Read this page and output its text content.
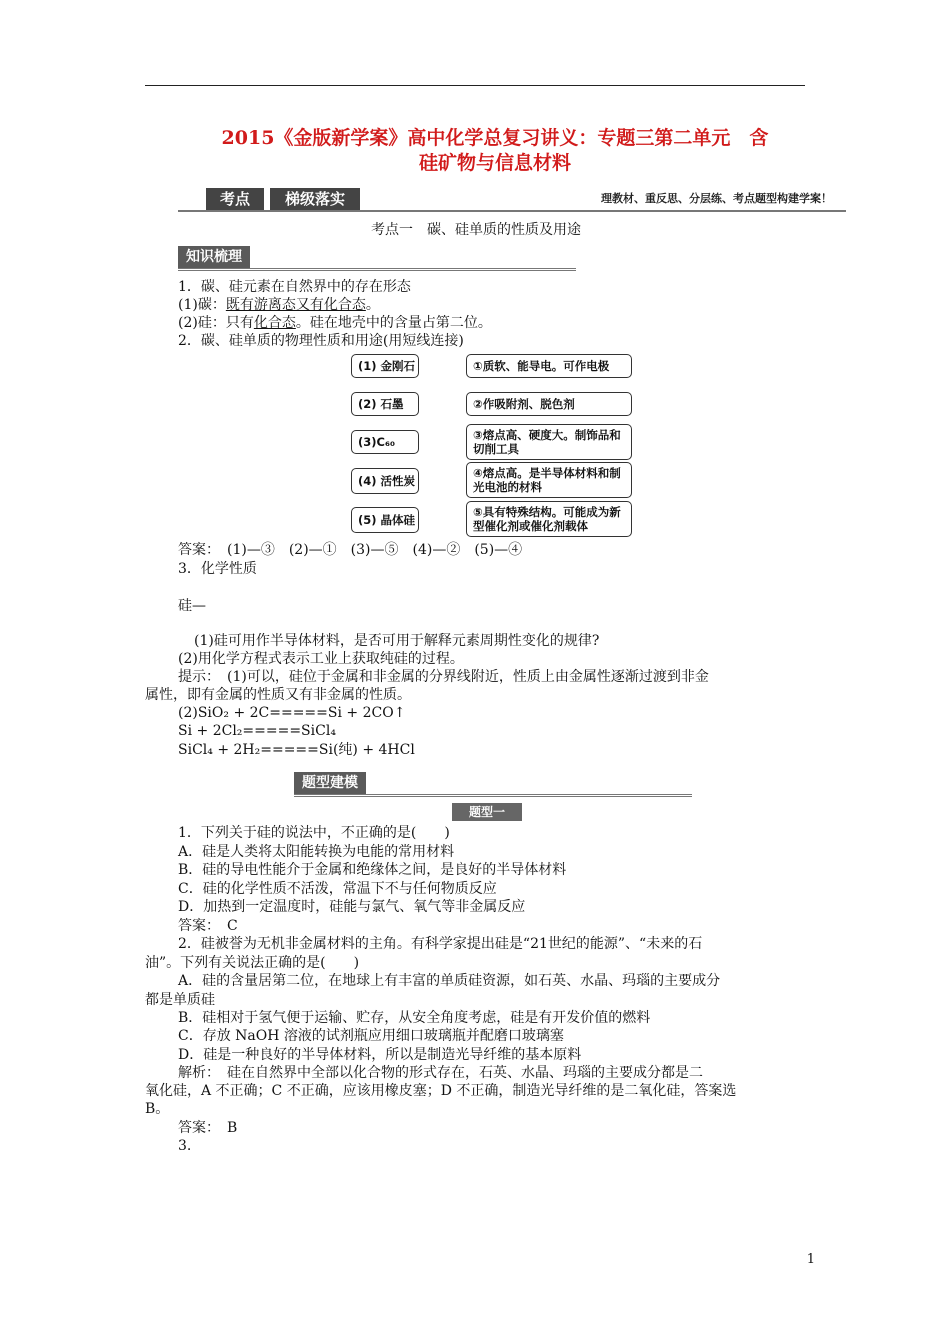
2015《金版新学案》高中化学总复习讲义：专题三第二单元　含
硅矿物与信息材料
考点	梯级落实	理教材、重反思、分层练、考点题型构建学案！
考点一　碳、硅单质的性质及用途
知识梳理
1．碳、硅元素在自然界中的存在形态
(1)碳：既有游离态又有化合态。
(2)硅：只有化合态。硅在地壳中的含量占第二位。
2．碳、硅单质的物理性质和用途(用短线连接)
(1) 金刚石
(2) 石墨
(3)C₆₀
(4) 活性炭
(5) 晶体硅
①质软、能导电。可作电极
②作吸附剂、脱色剂
③熔点高、硬度大。制饰品和切削工具
④熔点高。是半导体材料和制光电池的材料
⑤具有特殊结构。可能成为新型催化剂或催化剂载体
答案：　 (1)—③　(2)—①　(3)—⑤　(4)—②　(5)—④
3．化学性质
硅—
(1)硅可用作半导体材料，是否可用于解释元素周期性变化的规律?
(2)用化学方程式表示工业上获取纯硅的过程。
提示：　(1)可以，硅位于金属和非金属的分界线附近，性质上由金属性逐渐过渡到非金
属性，即有金属的性质又有非金属的性质。
(2)SiO₂ + 2C=====Si + 2CO↑
Si + 2Cl₂=====SiCl₄
SiCl₄ + 2H₂=====Si(纯) + 4HCl
题型建模
题型一
1．下列关于硅的说法中，不正确的是(　　)
A．硅是人类将太阳能转换为电能的常用材料
B．硅的导电性能介于金属和绝缘体之间，是良好的半导体材料
C．硅的化学性质不活泼，常温下不与任何物质反应
D．加热到一定温度时，硅能与氯气、氧气等非金属反应
答案：　 C
2．硅被誉为无机非金属材料的主角。有科学家提出硅是“21世纪的能源”、“未来的石
油”。下列有关说法正确的是(　　)
A．硅的含量居第二位，在地球上有丰富的单质硅资源，如石英、水晶、玛瑙的主要成分
都是单质硅
B．硅相对于氢气便于运输、贮存，从安全角度考虑，硅是有开发价值的燃料
C．存放 NaOH 溶液的试剂瓶应用细口玻璃瓶并配磨口玻璃塞
D．硅是一种良好的半导体材料，所以是制造光导纤维的基本原料
解析：　硅在自然界中全部以化合物的形式存在，石英、水晶、玛瑙的主要成分都是二
氧化硅，A 不正确；C 不正确，应该用橡皮塞；D 不正确，制造光导纤维的是二氧化硅，答案选
B。
答案：　 B
3.
1
